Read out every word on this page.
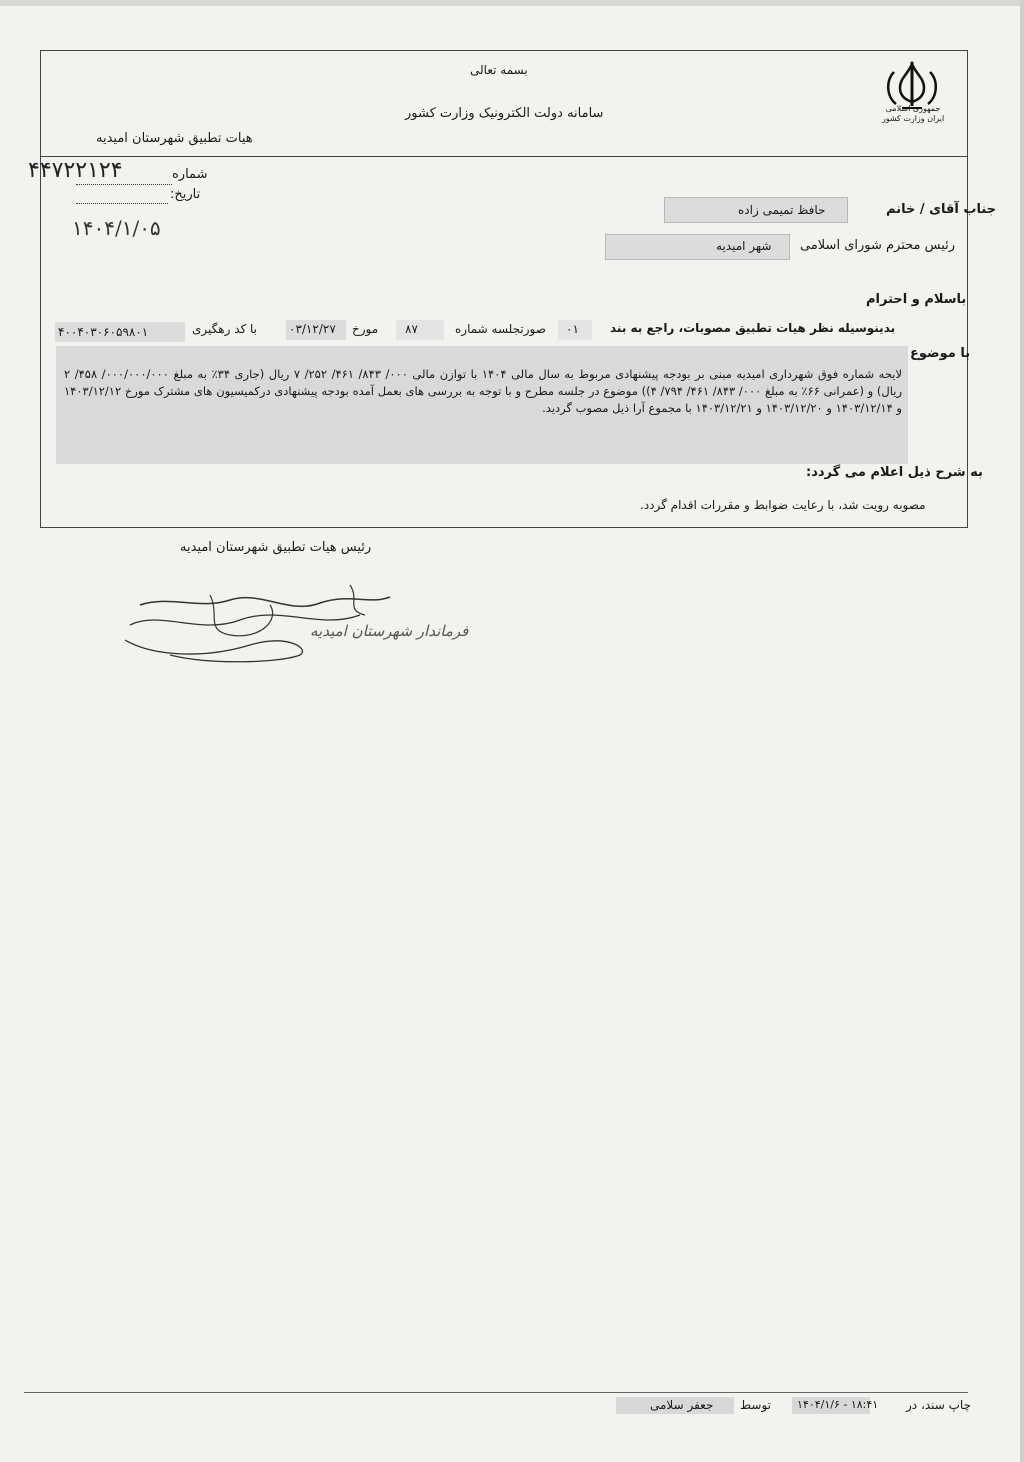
بسمه تعالی
سامانه دولت الکترونیک وزارت کشور
هیات تطبیق شهرستان امیدیه
جمهوری اسلامی ایران وزارت کشور
شماره
۴۴۷۲۲۱۲۴
تاریخ:
۱۴۰۴/۱/۰۵
جناب آقای / خانم
حافظ تمیمی زاده
رئیس محترم شورای اسلامی
شهر امیدیه
باسلام و احترام
بدینوسیله نظر هیات تطبیق مصوبات، راجع به بند
۰۱
صورتجلسه شماره
۸۷
مورخ
۰۳/۱۲/۲۷
با کد رهگیری
۴۰۰۴۰۳۰۶۰۵۹۸۰۱
با موضوع
لایحه شماره فوق شهرداری امیدیه مبنی بر بودجه پیشنهادی مربوط به سال مالی ۱۴۰۴ با توازن مالی ۰۰۰/ ۸۴۳/ ۴۶۱/ ۲۵۲/ ۷ ریال (جاری ۳۴٪ به مبلغ ۰۰۰/۰۰۰/۰۰۰/ ۴۵۸/ ۲ ریال) و (عمرانی ۶۶٪ به مبلغ ۰۰۰/ ۸۴۳/ ۴۶۱/ ۷۹۴/ ۴)) موضوع در جلسه مطرح و با توجه به بررسی های بعمل آمده بودجه پیشنهادی درکمیسیون های مشترک مورخ ۱۴۰۳/۱۲/۱۲ و ۱۴۰۳/۱۲/۱۴ و ۱۴۰۳/۱۲/۲۰ و ۱۴۰۳/۱۲/۲۱ با مجموع آرا ذیل مصوب گردید.
به شرح ذیل اعلام می گردد:
مصوبه رویت شد، با رعایت ضوابط و مقررات اقدام گردد.
رئیس هیات تطبیق شهرستان امیدیه
فرماندار شهرستان امیدیه
چاپ سند، در
۱۸:۴۱ - ۱۴۰۴/۱/۶
توسط
جعفر سلامی
